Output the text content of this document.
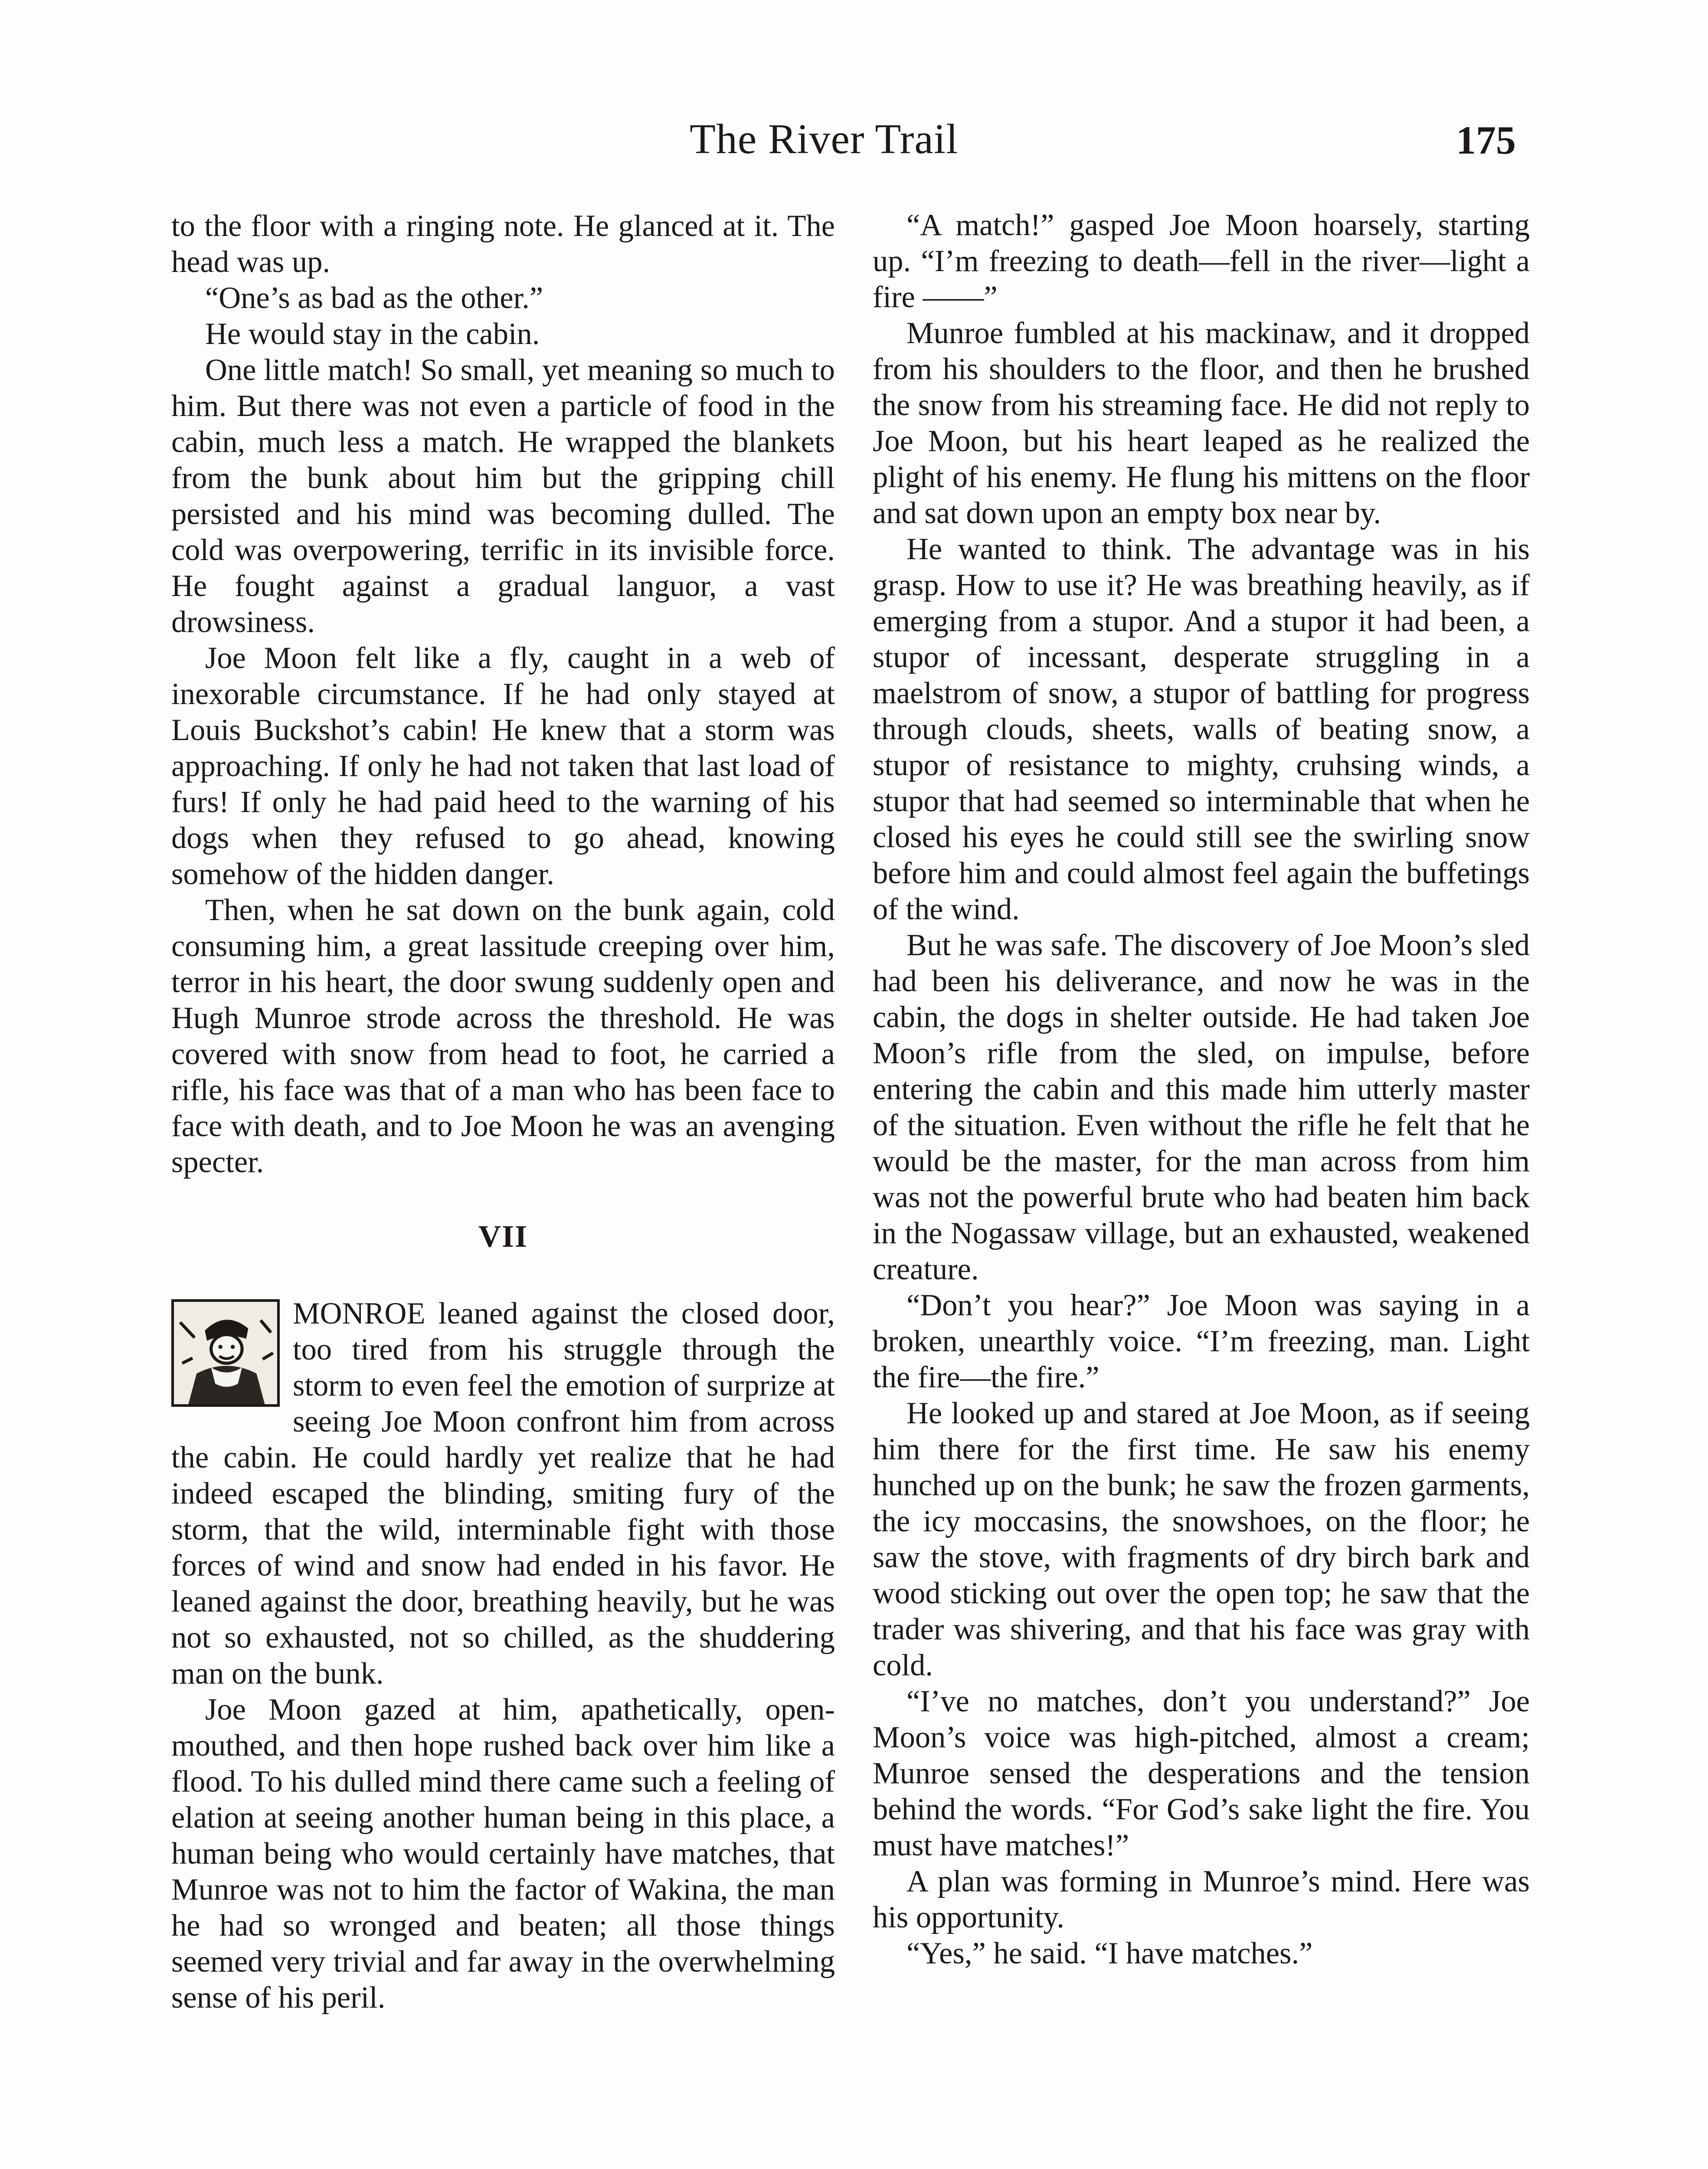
The River Trail	175

to the floor with a ringing note. He glanced at it. The head was up.

“One’s as bad as the other.”

He would stay in the cabin.

One little match! So small, yet meaning so much to him. But there was not even a particle of food in the cabin, much less a match. He wrapped the blankets from the bunk about him but the gripping chill persisted and his mind was becoming dulled. The cold was overpowering, terrific in its invisible force. He fought against a gradual languor, a vast drowsiness.

Joe Moon felt like a fly, caught in a web of inexorable circumstance. If he had only stayed at Louis Buckshot’s cabin! He knew that a storm was approaching. If only he had not taken that last load of furs! If only he had paid heed to the warning of his dogs when they refused to go ahead, knowing somehow of the hidden danger.

Then, when he sat down on the bunk again, cold consuming him, a great lassitude creeping over him, terror in his heart, the door swung suddenly open and Hugh Munroe strode across the threshold. He was covered with snow from head to foot, he carried a rifle, his face was that of a man who has been face to face with death, and to Joe Moon he was an avenging specter.

VII

MONROE leaned against the closed door, too tired from his struggle through the storm to even feel the emotion of surprize at seeing Joe Moon confront him from across the cabin. He could hardly yet realize that he had indeed escaped the blinding, smiting fury of the storm, that the wild, interminable fight with those forces of wind and snow had ended in his favor. He leaned against the door, breathing heavily, but he was not so exhausted, not so chilled, as the shuddering man on the bunk.

Joe Moon gazed at him, apathetically, open-mouthed, and then hope rushed back over him like a flood. To his dulled mind there came such a feeling of elation at seeing another human being in this place, a human being who would certainly have matches, that Munroe was not to him the factor of Wakina, the man he had so wronged and beaten; all those things seemed very trivial and far away in the overwhelming sense of his peril.

“A match!” gasped Joe Moon hoarsely, starting up. “I’m freezing to death—fell in the river—light a fire ——”

Munroe fumbled at his mackinaw, and it dropped from his shoulders to the floor, and then he brushed the snow from his streaming face. He did not reply to Joe Moon, but his heart leaped as he realized the plight of his enemy. He flung his mittens on the floor and sat down upon an empty box near by.

He wanted to think. The advantage was in his grasp. How to use it? He was breathing heavily, as if emerging from a stupor. And a stupor it had been, a stupor of incessant, desperate struggling in a maelstrom of snow, a stupor of battling for progress through clouds, sheets, walls of beating snow, a stupor of resistance to mighty, cruhsing winds, a stupor that had seemed so interminable that when he closed his eyes he could still see the swirling snow before him and could almost feel again the buffetings of the wind.

But he was safe. The discovery of Joe Moon’s sled had been his deliverance, and now he was in the cabin, the dogs in shelter outside. He had taken Joe Moon’s rifle from the sled, on impulse, before entering the cabin and this made him utterly master of the situation. Even without the rifle he felt that he would be the master, for the man across from him was not the powerful brute who had beaten him back in the Nogassaw village, but an exhausted, weakened creature.

“Don’t you hear?” Joe Moon was saying in a broken, unearthly voice. “I’m freezing, man. Light the fire—the fire.”

He looked up and stared at Joe Moon, as if seeing him there for the first time. He saw his enemy hunched up on the bunk; he saw the frozen garments, the icy moccasins, the snowshoes, on the floor; he saw the stove, with fragments of dry birch bark and wood sticking out over the open top; he saw that the trader was shivering, and that his face was gray with cold.

“I’ve no matches, don’t you understand?” Joe Moon’s voice was high-pitched, almost a cream; Munroe sensed the desperations and the tension behind the words. “For God’s sake light the fire. You must have matches!”

A plan was forming in Munroe’s mind. Here was his opportunity.

“Yes,” he said. “I have matches.”
